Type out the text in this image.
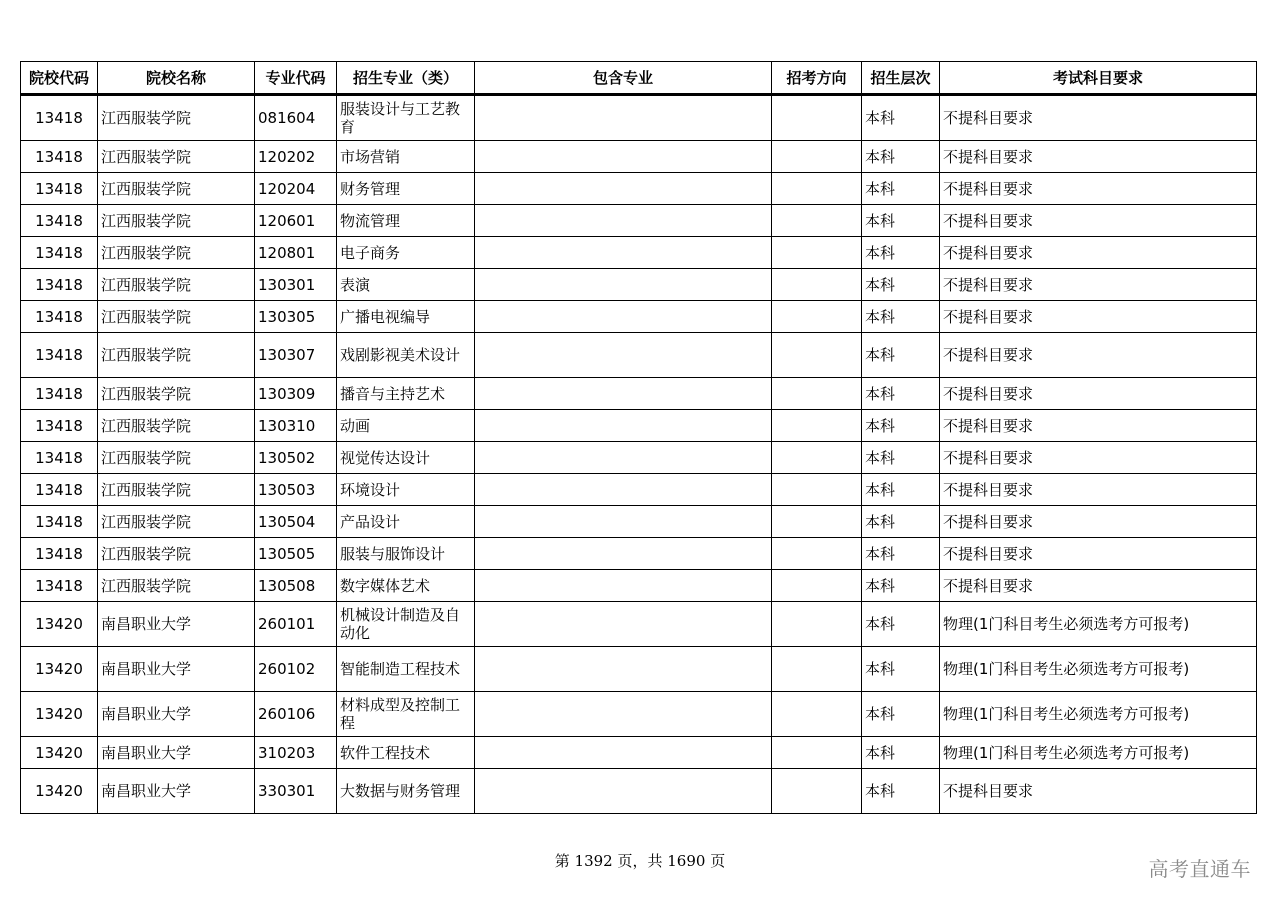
院校代码	院校名称	专业代码	招生专业（类）	包含专业	招考方向	招生层次	考试科目要求
13418	江西服装学院	081604	服装设计与工艺教育			本科	不提科目要求
13418	江西服装学院	120202	市场营销			本科	不提科目要求
13418	江西服装学院	120204	财务管理			本科	不提科目要求
13418	江西服装学院	120601	物流管理			本科	不提科目要求
13418	江西服装学院	120801	电子商务			本科	不提科目要求
13418	江西服装学院	130301	表演			本科	不提科目要求
13418	江西服装学院	130305	广播电视编导			本科	不提科目要求
13418	江西服装学院	130307	戏剧影视美术设计			本科	不提科目要求
13418	江西服装学院	130309	播音与主持艺术			本科	不提科目要求
13418	江西服装学院	130310	动画			本科	不提科目要求
13418	江西服装学院	130502	视觉传达设计			本科	不提科目要求
13418	江西服装学院	130503	环境设计			本科	不提科目要求
13418	江西服装学院	130504	产品设计			本科	不提科目要求
13418	江西服装学院	130505	服装与服饰设计			本科	不提科目要求
13418	江西服装学院	130508	数字媒体艺术			本科	不提科目要求
13420	南昌职业大学	260101	机械设计制造及自动化			本科	物理(1门科目考生必须选考方可报考)
13420	南昌职业大学	260102	智能制造工程技术			本科	物理(1门科目考生必须选考方可报考)
13420	南昌职业大学	260106	材料成型及控制工程			本科	物理(1门科目考生必须选考方可报考)
13420	南昌职业大学	310203	软件工程技术			本科	物理(1门科目考生必须选考方可报考)
13420	南昌职业大学	330301	大数据与财务管理			本科	不提科目要求
第 1392 页，共 1690 页	高考直通车
